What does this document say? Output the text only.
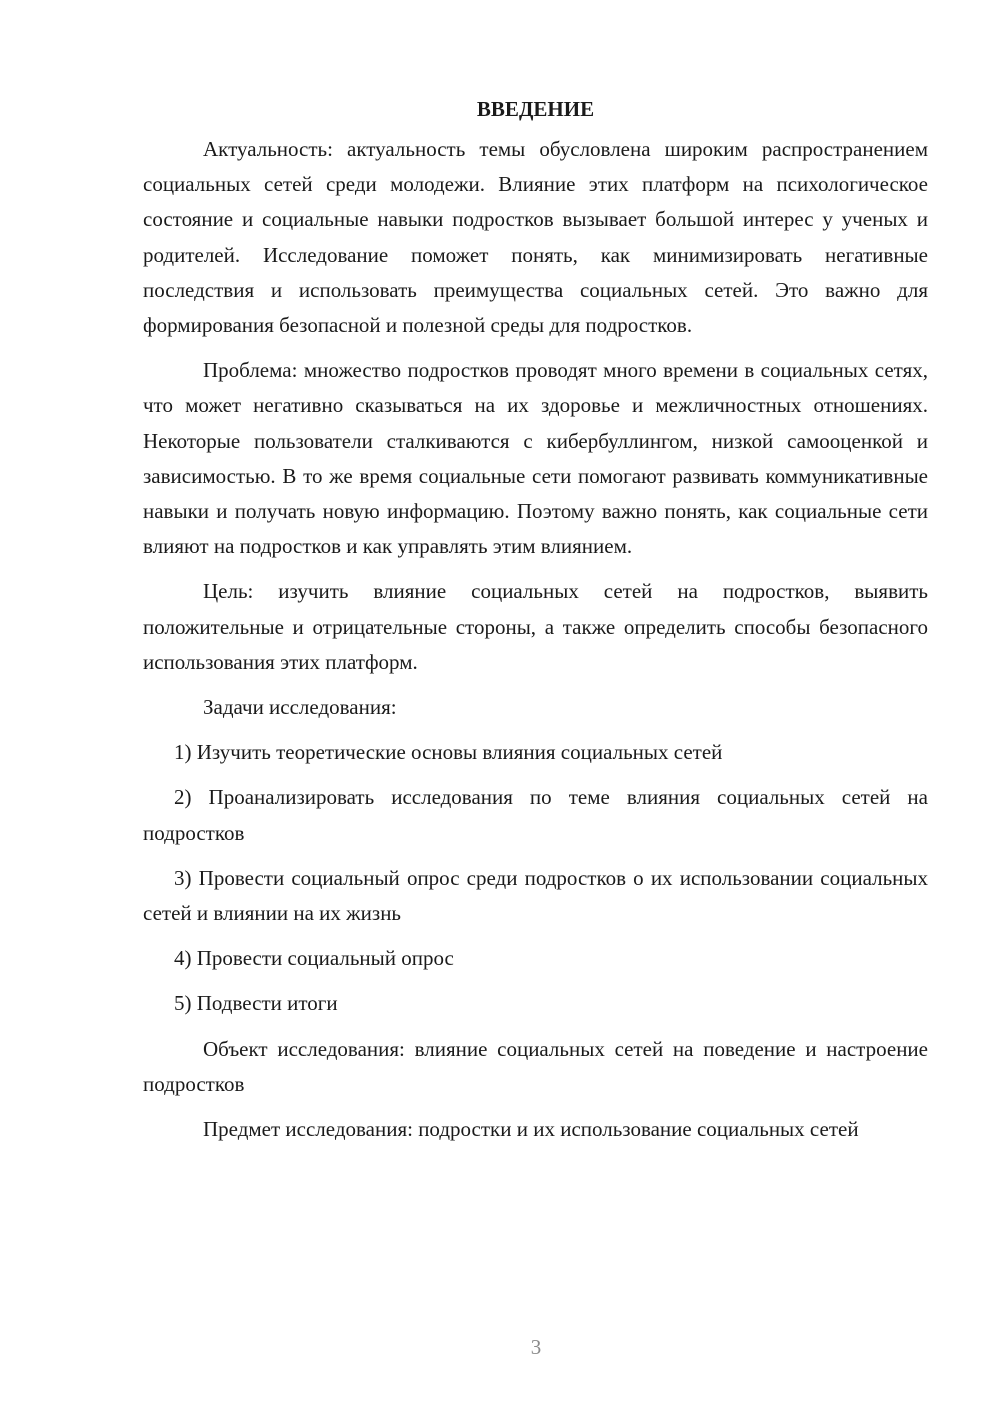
ВВЕДЕНИЕ

Актуальность: актуальность темы обусловлена широким распространением социальных сетей среди молодежи. Влияние этих платформ на психологическое состояние и социальные навыки подростков вызывает большой интерес у ученых и родителей. Исследование поможет понять, как минимизировать негативные последствия и использовать преимущества социальных сетей. Это важно для формирования безопасной и полезной среды для подростков.

Проблема: множество подростков проводят много времени в социальных сетях, что может негативно сказываться на их здоровье и межличностных отношениях. Некоторые пользователи сталкиваются с кибербуллингом, низкой самооценкой и зависимостью. В то же время социальные сети помогают развивать коммуникативные навыки и получать новую информацию. Поэтому важно понять, как социальные сети влияют на подростков и как управлять этим влиянием.

Цель: изучить влияние социальных сетей на подростков, выявить положительные и отрицательные стороны, а также определить способы безопасного использования этих платформ.

Задачи исследования:

1) Изучить теоретические основы влияния социальных сетей

2) Проанализировать исследования по теме влияния социальных сетей на подростков

3) Провести социальный опрос среди подростков о их использовании социальных сетей и влиянии на их жизнь

4) Провести социальный опрос

5) Подвести итоги

Объект исследования: влияние социальных сетей на поведение и настроение подростков

Предмет исследования: подростки и их использование социальных сетей

3
